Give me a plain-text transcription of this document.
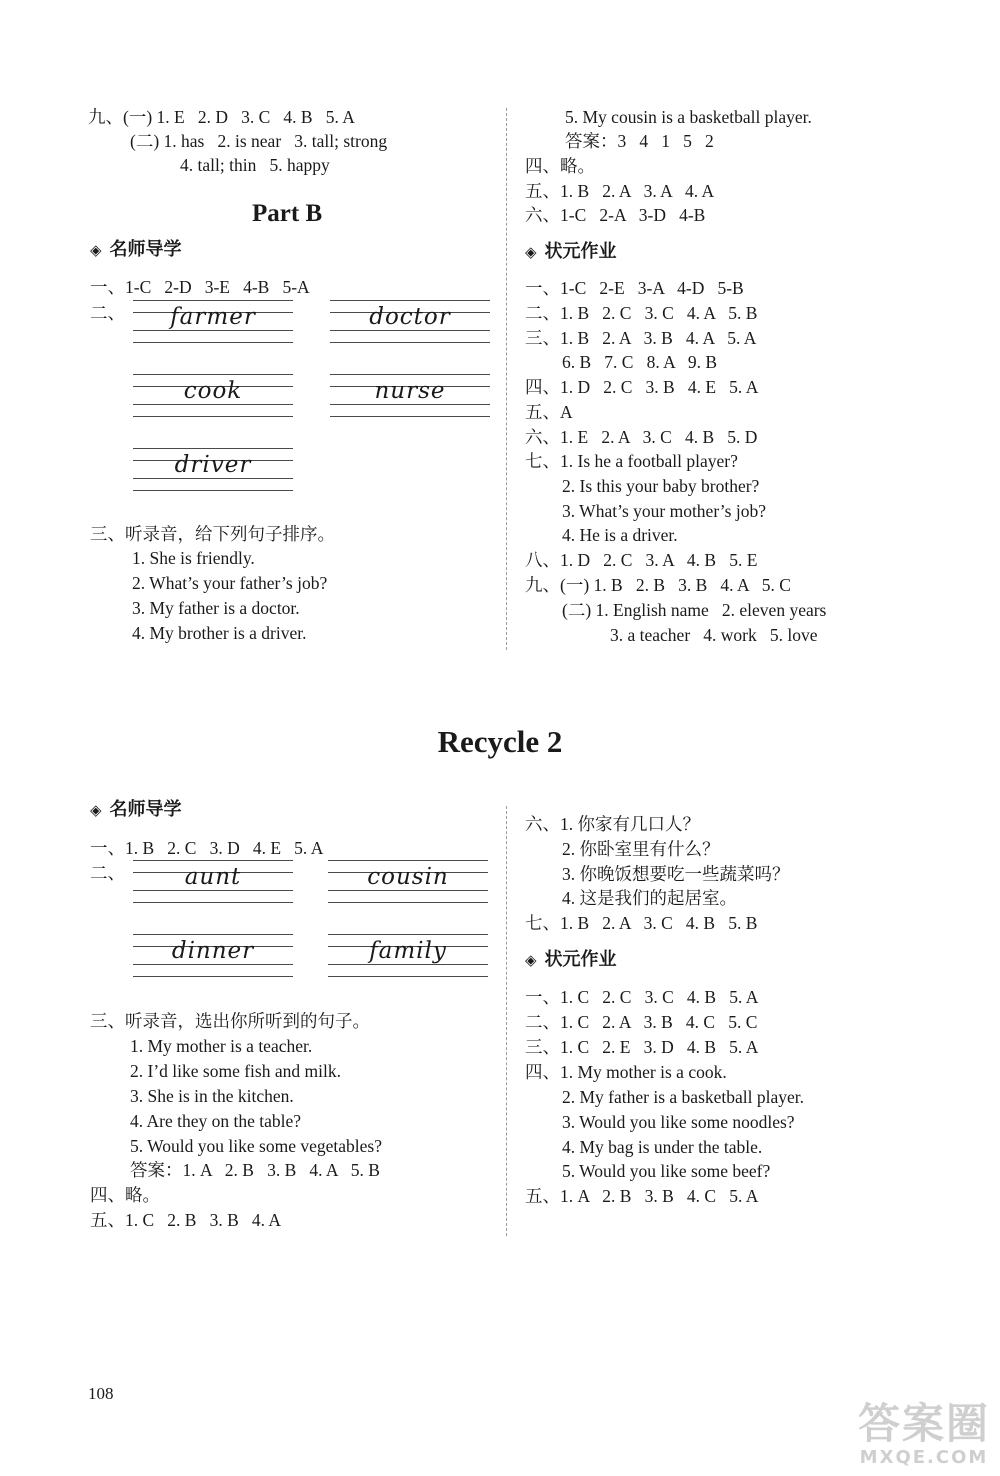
九、(一) 1. E   2. D   3. C   4. B   5. A
(二) 1. has   2. is near   3. tall; strong
4. tall; thin   5. happy
Part B
◈ 名师导学
一、1-C   2-D   3-E   4-B   5-A
二、	farmer	doctor
cook	nurse
driver
三、听录音，给下列句子排序。
1. She is friendly.
2. What’s your father’s job?
3. My father is a doctor.
4. My brother is a driver.
5. My cousin is a basketball player.
答案：3   4   1   5   2
四、略。
五、1. B   2. A   3. A   4. A
六、1-C   2-A   3-D   4-B
◈ 状元作业
一、1-C   2-E   3-A   4-D   5-B
二、1. B   2. C   3. C   4. A   5. B
三、1. B   2. A   3. B   4. A   5. A
6. B   7. C   8. A   9. B
四、1. D   2. C   3. B   4. E   5. A
五、A
六、1. E   2. A   3. C   4. B   5. D
七、1. Is he a football player?
2. Is this your baby brother?
3. What’s your mother’s job?
4. He is a driver.
八、1. D   2. C   3. A   4. B   5. E
九、(一) 1. B   2. B   3. B   4. A   5. C
(二) 1. English name   2. eleven years
3. a teacher   4. work   5. love
Recycle 2
◈ 名师导学
一、1. B   2. C   3. D   4. E   5. A
二、	aunt	cousin
dinner	family
三、听录音，选出你所听到的句子。
1. My mother is a teacher.
2. I’d like some fish and milk.
3. She is in the kitchen.
4. Are they on the table?
5. Would you like some vegetables?
答案：1. A   2. B   3. B   4. A   5. B
四、略。
五、1. C   2. B   3. B   4. A
六、1. 你家有几口人？
2. 你卧室里有什么？
3. 你晚饭想要吃一些蔬菜吗？
4. 这是我们的起居室。
七、1. B   2. A   3. C   4. B   5. B
◈ 状元作业
一、1. C   2. C   3. C   4. B   5. A
二、1. C   2. A   3. B   4. C   5. C
三、1. C   2. E   3. D   4. B   5. A
四、1. My mother is a cook.
2. My father is a basketball player.
3. Would you like some noodles?
4. My bag is under the table.
5. Would you like some beef?
五、1. A   2. B   3. B   4. C   5. A
108
答案圈
MXQE.COM
